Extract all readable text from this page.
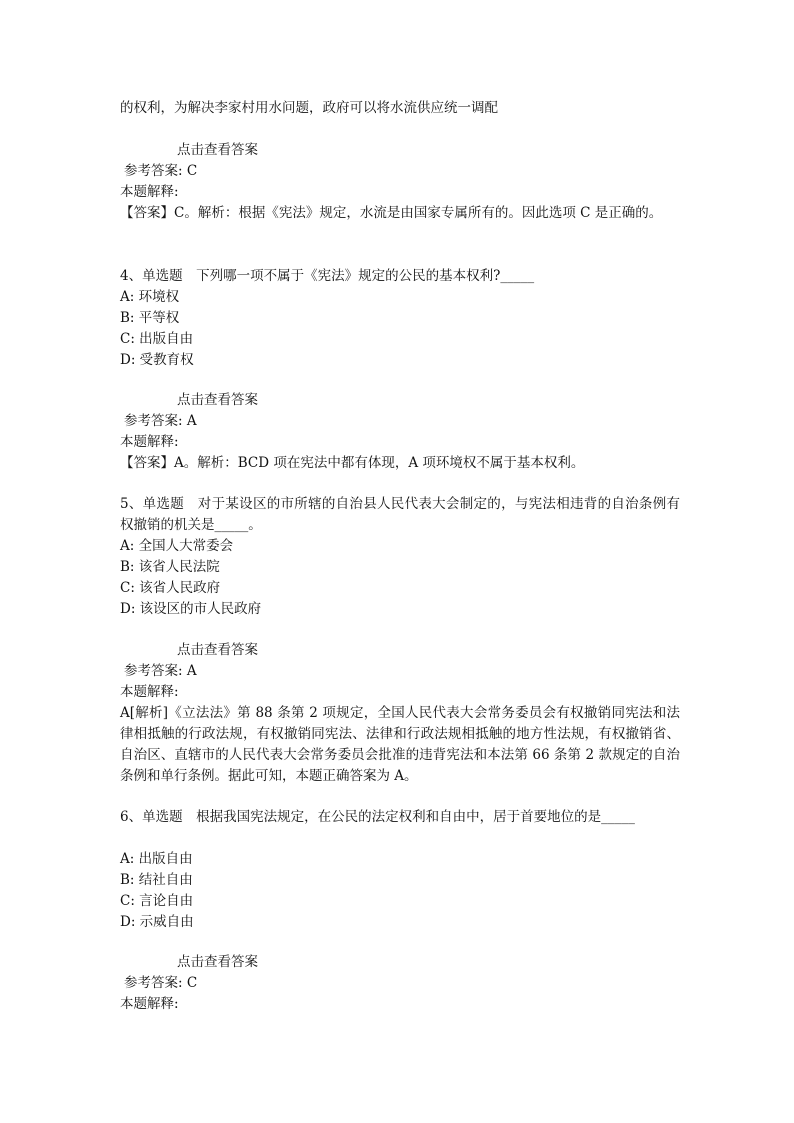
的权利，为解决李家村用水问题，政府可以将水流供应统一调配
点击查看答案
参考答案: C
本题解释:
【答案】C。解析：根据《宪法》规定，水流是由国家专属所有的。因此选项 C 是正确的。
4、单选题　下列哪一项不属于《宪法》规定的公民的基本权利?_____
A: 环境权
B: 平等权
C: 出版自由
D: 受教育权
点击查看答案
参考答案: A
本题解释:
【答案】A。解析：BCD 项在宪法中都有体现，A 项环境权不属于基本权利。
5、单选题　对于某设区的市所辖的自治县人民代表大会制定的，与宪法相违背的自治条例有权撤销的机关是_____。
A: 全国人大常委会
B: 该省人民法院
C: 该省人民政府
D: 该设区的市人民政府
点击查看答案
参考答案: A
本题解释:
A[解析]《立法法》第 88 条第 2 项规定，全国人民代表大会常务委员会有权撤销同宪法和法律相抵触的行政法规，有权撤销同宪法、法律和行政法规相抵触的地方性法规，有权撤销省、自治区、直辖市的人民代表大会常务委员会批准的违背宪法和本法第 66 条第 2 款规定的自治条例和单行条例。据此可知，本题正确答案为 A。
6、单选题　根据我国宪法规定，在公民的法定权利和自由中，居于首要地位的是_____
A: 出版自由
B: 结社自由
C: 言论自由
D: 示威自由
点击查看答案
参考答案: C
本题解释:
